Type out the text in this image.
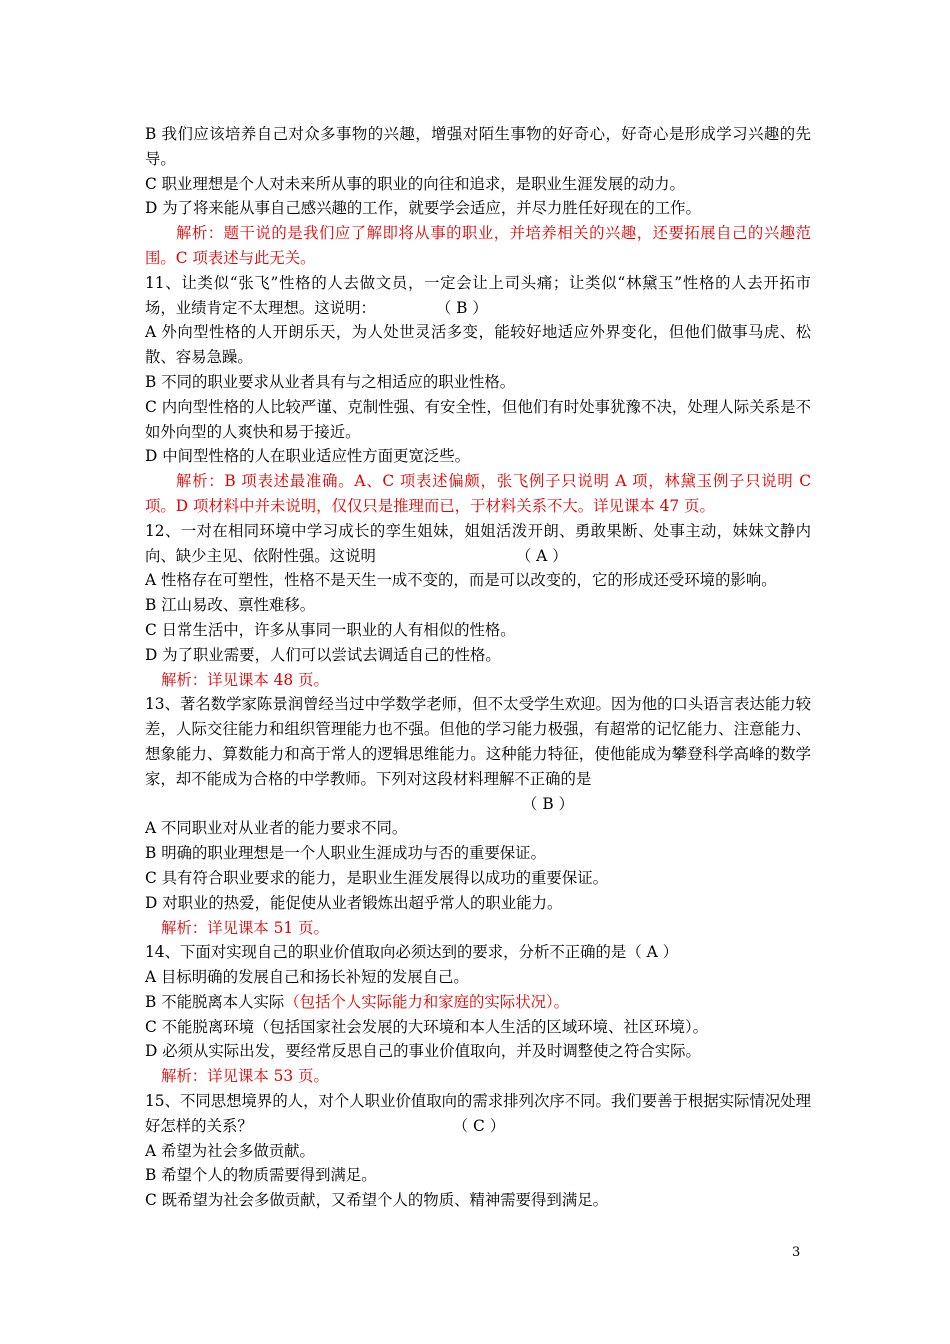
B 我们应该培养自己对众多事物的兴趣，增强对陌生事物的好奇心，好奇心是形成学习兴趣的先导。

C 职业理想是个人对未来所从事的职业的向往和追求，是职业生涯发展的动力。

D 为了将来能从事自己感兴趣的工作，就要学会适应，并尽力胜任好现在的工作。

解析：题干说的是我们应了解即将从事的职业，并培养相关的兴趣，还要拓展自己的兴趣范围。C 项表述与此无关。

11、让类似“张飞”性格的人去做文员，一定会让上司头痛；让类似“林黛玉”性格的人去开拓市场，业绩肯定不太理想。这说明：	（ B ）

A 外向型性格的人开朗乐天，为人处世灵活多变，能较好地适应外界变化，但他们做事马虎、松散、容易急躁。

B 不同的职业要求从业者具有与之相适应的职业性格。

C 内向型性格的人比较严谨、克制性强、有安全性，但他们有时处事犹豫不决，处理人际关系是不如外向型的人爽快和易于接近。

D 中间型性格的人在职业适应性方面更宽泛些。

解析：B 项表述最准确。A、C 项表述偏颇，张飞例子只说明 A 项，林黛玉例子只说明 C 项。D 项材料中并未说明，仅仅只是推理而已，于材料关系不大。详见课本 47 页。

12、一对在相同环境中学习成长的孪生姐妹，姐姐活泼开朗、勇敢果断、处事主动，妹妹文静内向、缺少主见、依附性强。这说明	（ A ）

A 性格存在可塑性，性格不是天生一成不变的，而是可以改变的，它的形成还受环境的影响。

B 江山易改、禀性难移。

C 日常生活中，许多从事同一职业的人有相似的性格。

D 为了职业需要，人们可以尝试去调适自己的性格。

解析：详见课本 48 页。

13、著名数学家陈景润曾经当过中学数学老师，但不太受学生欢迎。因为他的口头语言表达能力较差，人际交往能力和组织管理能力也不强。但他的学习能力极强，有超常的记忆能力、注意能力、想象能力、算数能力和高于常人的逻辑思维能力。这种能力特征，使他能成为攀登科学高峰的数学家，却不能成为合格的中学教师。下列对这段材料理解不正确的是

（ B ）

A 不同职业对从业者的能力要求不同。

B 明确的职业理想是一个人职业生涯成功与否的重要保证。

C 具有符合职业要求的能力，是职业生涯发展得以成功的重要保证。

D 对职业的热爱，能促使从业者锻炼出超乎常人的职业能力。

解析：详见课本 51 页。

14、下面对实现自己的职业价值取向必须达到的要求，分析不正确的是（ A ）

A 目标明确的发展自己和扬长补短的发展自己。

B 不能脱离本人实际（包括个人实际能力和家庭的实际状况）。

C 不能脱离环境（包括国家社会发展的大环境和本人生活的区域环境、社区环境）。

D 必须从实际出发，要经常反思自己的事业价值取向，并及时调整使之符合实际。

解析：详见课本 53 页。

15、不同思想境界的人，对个人职业价值取向的需求排列次序不同。我们要善于根据实际情况处理好怎样的关系？	（ C ）

A 希望为社会多做贡献。

B 希望个人的物质需要得到满足。

C 既希望为社会多做贡献，又希望个人的物质、精神需要得到满足。

3
